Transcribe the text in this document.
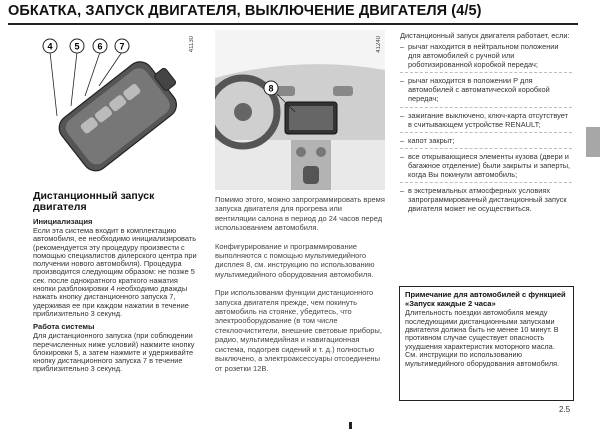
ОБКАТКА, ЗАПУСК ДВИГАТЕЛЯ, ВЫКЛЮЧЕНИЕ ДВИГАТЕЛЯ (4/5)
4 5 6 7	41130
Дистанционный запуск двигателя
Инициализация
Если эта система входит в комплектацию автомобиля, ее необходимо инициализировать (рекомендуется эту процедуру произвести с помощью специалистов дилерского центра при получении нового автомобиля). Процедура производится следующим образом: не позже 5 сек. после однократного краткого нажатия кнопки разблокировки 4 необходимо дважды нажать кнопку дистанционного запуска 7, удерживая ее при каждом нажатии в течение приблизительно 3 секунд.
Работа системы
Для дистанционного запуска (при соблюдении перечисленных ниже условий) нажмите кнопку блокировки 5, а затем нажмите и удерживайте кнопку дистанционного запуска 7 в течение приблизительно 3 секунд.
8
41240
Помимо этого, можно запрограммировать время запуска двигателя для прогрева или вентиляции салона в период до 24 часов перед использованием автомобиля.
Конфигурирование и программирование выполняются с помощью мультимедийного дисплея 8, см. инструкцию по использованию мультимедийного оборудования автомобиля.
При использовании функции дистанционного запуска двигателя прежде, чем покинуть автомобиль на стоянке, убедитесь, что электрооборудование (в том числе стеклоочистители, внешние световые приборы, радио, мультимедийная и навигационная система, подогрев сидений и т. д.) полностью выключено, а электроаксессуары отсоединены от розетки 12В.
Дистанционный запуск двигателя работает, если:
– рычаг находится в нейтральном положении для автомобилей с ручной или роботизированной коробкой передач;
– рычаг находится в положении P для автомобилей с автоматической коробкой передач;
– зажигание выключено, ключ-карта отсутствует в считывающем устройстве RENAULT;
– капот закрыт;
– все открывающиеся элементы кузова (двери и багажное отделение) были закрыты и заперты, когда Вы покинули автомобиль;
– в экстремальных атмосферных условиях запрограммированный дистанционный запуск двигателя может не осуществиться.
Примечание для автомобилей с функцией «Запуск каждые 2 часа»
Длительность поездки автомобиля между последующими дистанционными запусками двигателя должна быть не менее 10 минут. В противном случае существует опасность ухудшения характеристик моторного масла. См. инструкции по использованию мультимедийного оборудования автомобиля.
2.5
